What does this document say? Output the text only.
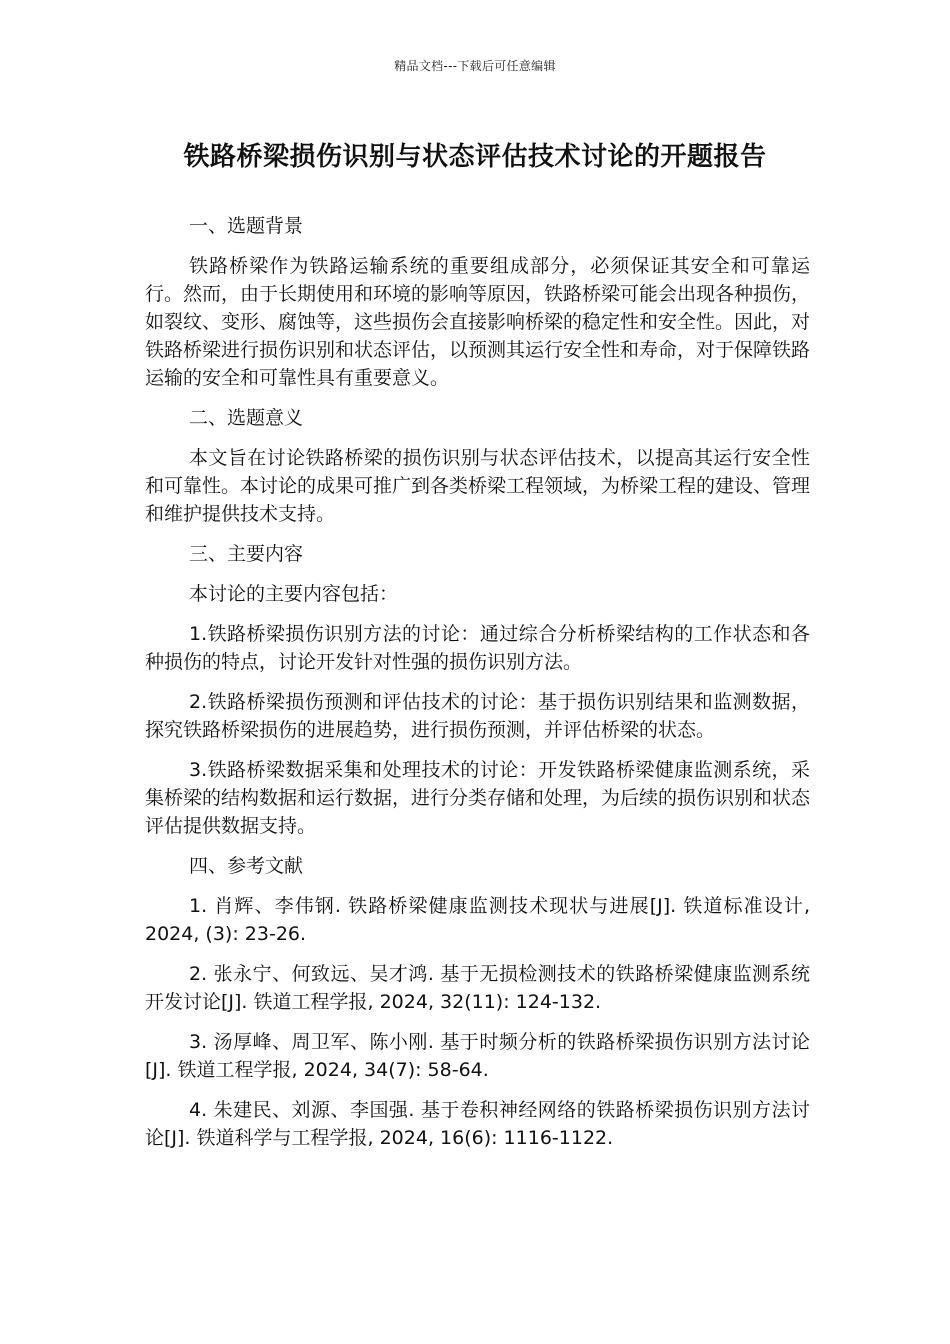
精品文档---下载后可任意编辑
铁路桥梁损伤识别与状态评估技术讨论的开题报告

一、选题背景

铁路桥梁作为铁路运输系统的重要组成部分，必须保证其安全和可靠运行。然而，由于长期使用和环境的影响等原因，铁路桥梁可能会出现各种损伤，如裂纹、变形、腐蚀等，这些损伤会直接影响桥梁的稳定性和安全性。因此，对铁路桥梁进行损伤识别和状态评估，以预测其运行安全性和寿命，对于保障铁路运输的安全和可靠性具有重要意义。

二、选题意义

本文旨在讨论铁路桥梁的损伤识别与状态评估技术，以提高其运行安全性和可靠性。本讨论的成果可推广到各类桥梁工程领域，为桥梁工程的建设、管理和维护提供技术支持。

三、主要内容

本讨论的主要内容包括：

1.铁路桥梁损伤识别方法的讨论：通过综合分析桥梁结构的工作状态和各种损伤的特点，讨论开发针对性强的损伤识别方法。

2.铁路桥梁损伤预测和评估技术的讨论：基于损伤识别结果和监测数据，探究铁路桥梁损伤的进展趋势，进行损伤预测，并评估桥梁的状态。

3.铁路桥梁数据采集和处理技术的讨论：开发铁路桥梁健康监测系统，采集桥梁的结构数据和运行数据，进行分类存储和处理，为后续的损伤识别和状态评估提供数据支持。

四、参考文献

1. 肖辉、李伟钢. 铁路桥梁健康监测技术现状与进展[J]. 铁道标准设计, 2024, (3): 23-26.

2. 张永宁、何致远、吴才鸿. 基于无损检测技术的铁路桥梁健康监测系统开发讨论[J]. 铁道工程学报, 2024, 32(11): 124-132.

3. 汤厚峰、周卫军、陈小刚. 基于时频分析的铁路桥梁损伤识别方法讨论[J]. 铁道工程学报, 2024, 34(7): 58-64.

4. 朱建民、刘源、李国强. 基于卷积神经网络的铁路桥梁损伤识别方法讨论[J]. 铁道科学与工程学报, 2024, 16(6): 1116-1122.
